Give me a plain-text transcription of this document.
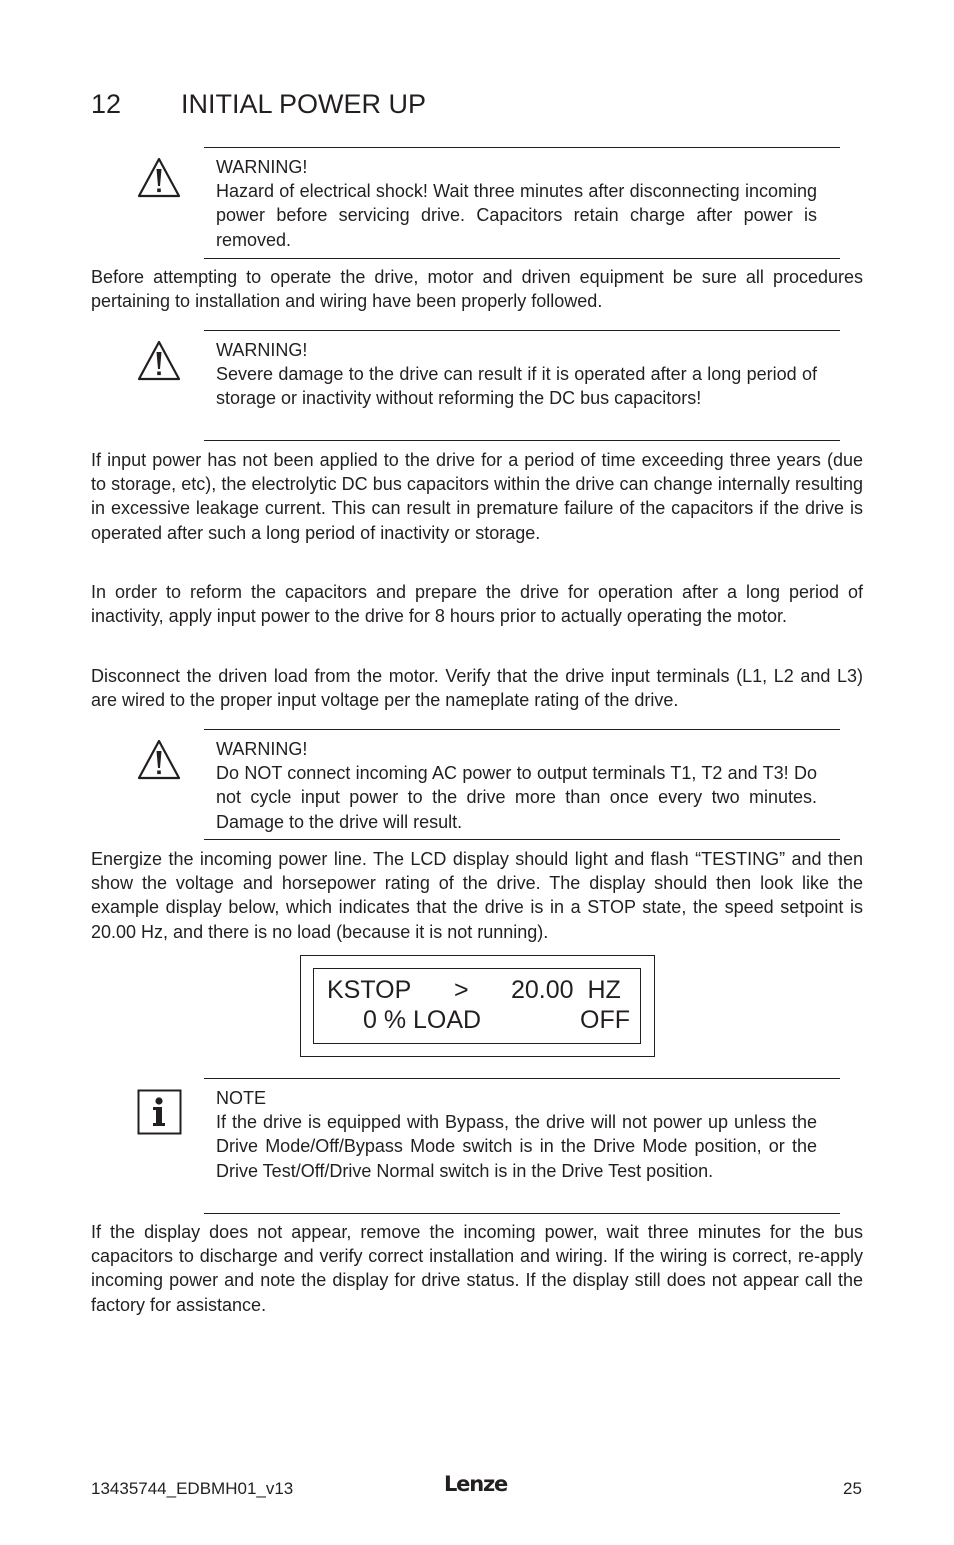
12 INITIAL POWER UP
WARNING!
Hazard of electrical shock! Wait three minutes after disconnecting incoming power before servicing drive. Capacitors retain charge after power is removed.

Before attempting to operate the drive, motor and driven equipment be sure all procedures pertaining to installation and wiring have been properly followed.

WARNING!
Severe damage to the drive can result if it is operated after a long period of storage or inactivity without reforming the DC bus capacitors!

If input power has not been applied to the drive for a period of time exceeding three years (due to storage, etc), the electrolytic DC bus capacitors within the drive can change internally resulting in excessive leakage current. This can result in premature failure of the capacitors if the drive is operated after such a long period of inactivity or storage.

In order to reform the capacitors and prepare the drive for operation after a long period of inactivity, apply input power to the drive for 8 hours prior to actually operating the motor.

Disconnect the driven load from the motor. Verify that the drive input terminals (L1, L2 and L3) are wired to the proper input voltage per the nameplate rating of the drive.

WARNING!
Do NOT connect incoming AC power to output terminals T1, T2 and T3! Do not cycle input power to the drive more than once every two minutes. Damage to the drive will result.

Energize the incoming power line. The LCD display should light and flash “TESTING” and then show the voltage and horsepower rating of the drive. The display should then look like the example display below, which indicates that the drive is in a STOP state, the speed setpoint is 20.00 Hz, and there is no load (because it is not running).

KSTOP > 20.00  HZ
0 % LOAD	OFF
NOTE
If the drive is equipped with Bypass, the drive will not power up unless the Drive Mode/Off/Bypass Mode switch is in the Drive Mode position, or the Drive Test/Off/Drive Normal switch is in the Drive Test position.

If the display does not appear, remove the incoming power, wait three minutes for the bus capacitors to discharge and verify correct installation and wiring. If the wiring is correct, re-apply incoming power and note the display for drive status. If the display still does not appear call the factory for assistance.

13435744_EDBMH01_v13	Lenze	25
